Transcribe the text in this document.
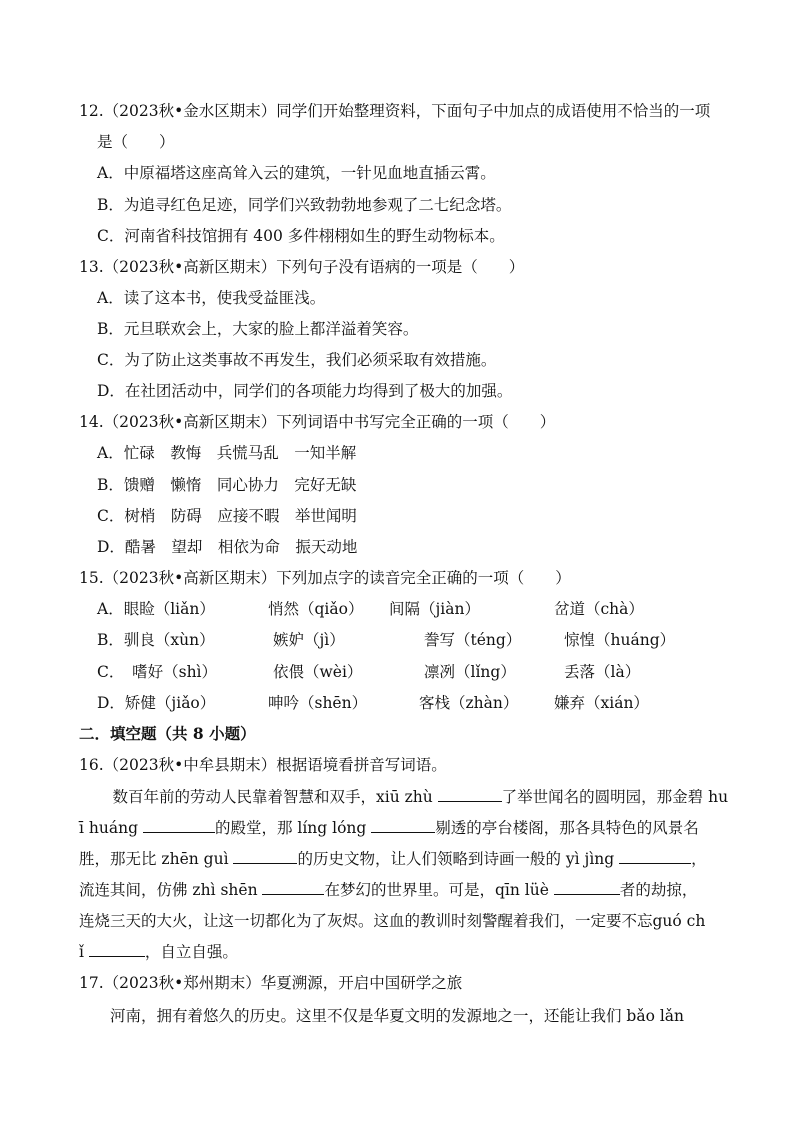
12.（2023秋•金水区期末）同学们开始整理资料，下面句子中加点的成语使用不恰当的一项
是（　　）
A．中原福塔这座高耸入云的建筑，一针见血地直插云霄。
B．为追寻红色足迹，同学们兴致勃勃地参观了二七纪念塔。
C．河南省科技馆拥有 400 多件栩栩如生的野生动物标本。
13.（2023秋•高新区期末）下列句子没有语病的一项是（　　）
A．读了这本书，使我受益匪浅。
B．元旦联欢会上，大家的脸上都洋溢着笑容。
C．为了防止这类事故不再发生，我们必须采取有效措施。
D．在社团活动中，同学们的各项能力均得到了极大的加强。
14.（2023秋•高新区期末）下列词语中书写完全正确的一项（　　）
A．忙碌　教悔　兵慌马乱　一知半解
B．馈赠　懒惰　同心协力　完好无缺
C．树梢　防碍　应接不暇　举世闻明
D．酷暑　望却　相依为命　振天动地
15.（2023秋•高新区期末）下列加点字的读音完全正确的一项（　　）
A．眼睑（liǎn）	悄然（qiǎo） 间隔（jiàn）	岔道（chà）
B．驯良（xùn）	嫉妒（jì）	誊写（téng）	惊惶（huáng）
C．　嗜好（shì）	依偎（wèi）	凛冽（lǐng）	丢落（là）
D．矫健（jiǎo）	呻吟（shēn）	客栈（zhàn） 嫌弃（xián）
二．填空题（共 8 小题）
16.（2023秋•中牟县期末）根据语境看拼音写词语。
　数百年前的劳动人民靠着智慧和双手，xiū zhù	了举世闻名的圆明园，那金碧 hu
ī huáng	的殿堂，那 líng lóng	剔透的亭台楼阁，那各具特色的风景名
胜，那无比 zhēn guì	的历史文物，让人们领略到诗画一般的 yì jìng	，
流连其间，仿佛 zhì shēn	在梦幻的世界里。可是，qīn lüè	者的劫掠，
连烧三天的大火，让这一切都化为了灰烬。这血的教训时刻警醒着我们，一定要不忘guó ch
ǐ	，自立自强。
17.（2023秋•郑州期末）华夏溯源，开启中国研学之旅
　　河南，拥有着悠久的历史。这里不仅是华夏文明的发源地之一，还能让我们 bǎo lǎn
